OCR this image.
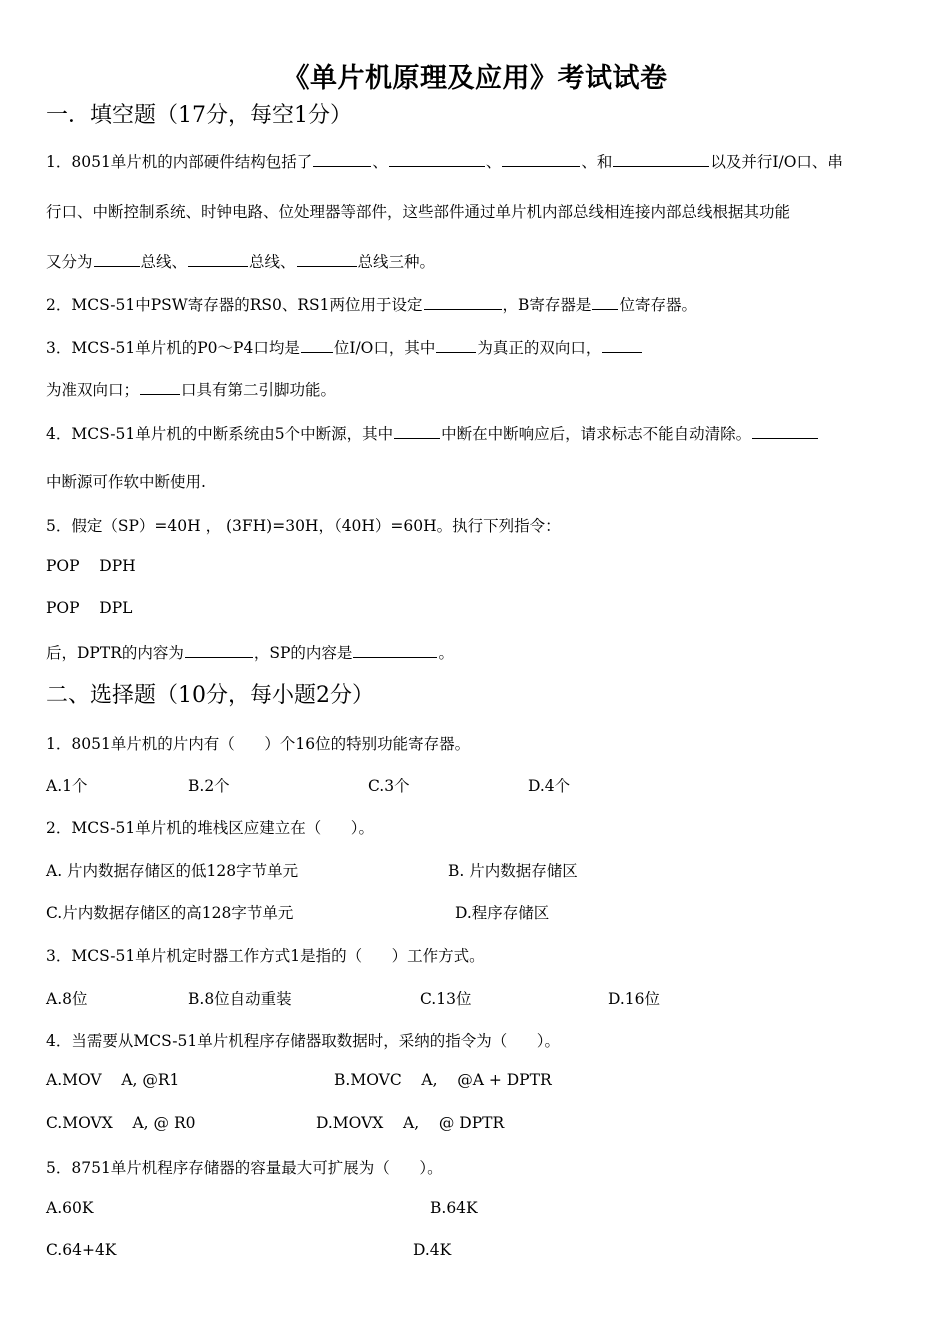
《单片机原理及应用》考试试卷
一．填空题（17分，每空1分）
1．8051单片机的内部硬件结构包括了	、	、	、和	以及并行I/O口、串
行口、中断控制系统、时钟电路、位处理器等部件，这些部件通过单片机内部总线相连接内部总线根据其功能
又分为	总线、	总线、	总线三种。
2．MCS-51中PSW寄存器的RS0、RS1两位用于设定	，B寄存器是 位寄存器。
3．MCS-51单片机的P0～P4口均是 位I/O口，其中	为真正的双向口，
为准双向口；	口具有第二引脚功能。
4．MCS-51单片机的中断系统由5个中断源，其中	中断在中断响应后，请求标志不能自动清除。
中断源可作软中断使用.
5．假定（SP）=40H ， (3FH)=30H，（40H）=60H。执行下列指令：
POP    DPH
POP    DPL
后，DPTR的内容为	，SP的内容是	。
二、选择题（10分，每小题2分）
1．8051单片机的片内有（      ）个16位的特别功能寄存器。
A.1个	B.2个	C.3个	D.4个
2．MCS-51单片机的堆栈区应建立在（      ）。
A. 片内数据存储区的低128字节单元	B. 片内数据存储区
C.片内数据存储区的高128字节单元	D.程序存储区
3．MCS-51单片机定时器工作方式1是指的（      ）工作方式。
A.8位	B.8位自动重装	C.13位	D.16位
4．当需要从MCS-51单片机程序存储器取数据时，采纳的指令为（      ）。
A.MOV    A, @R1	B.MOVC    A,    @A + DPTR
C.MOVX    A, @ R0	D.MOVX    A,    @ DPTR
5．8751单片机程序存储器的容量最大可扩展为（      ）。
A.60K	B.64K
C.64+4K	D.4K
